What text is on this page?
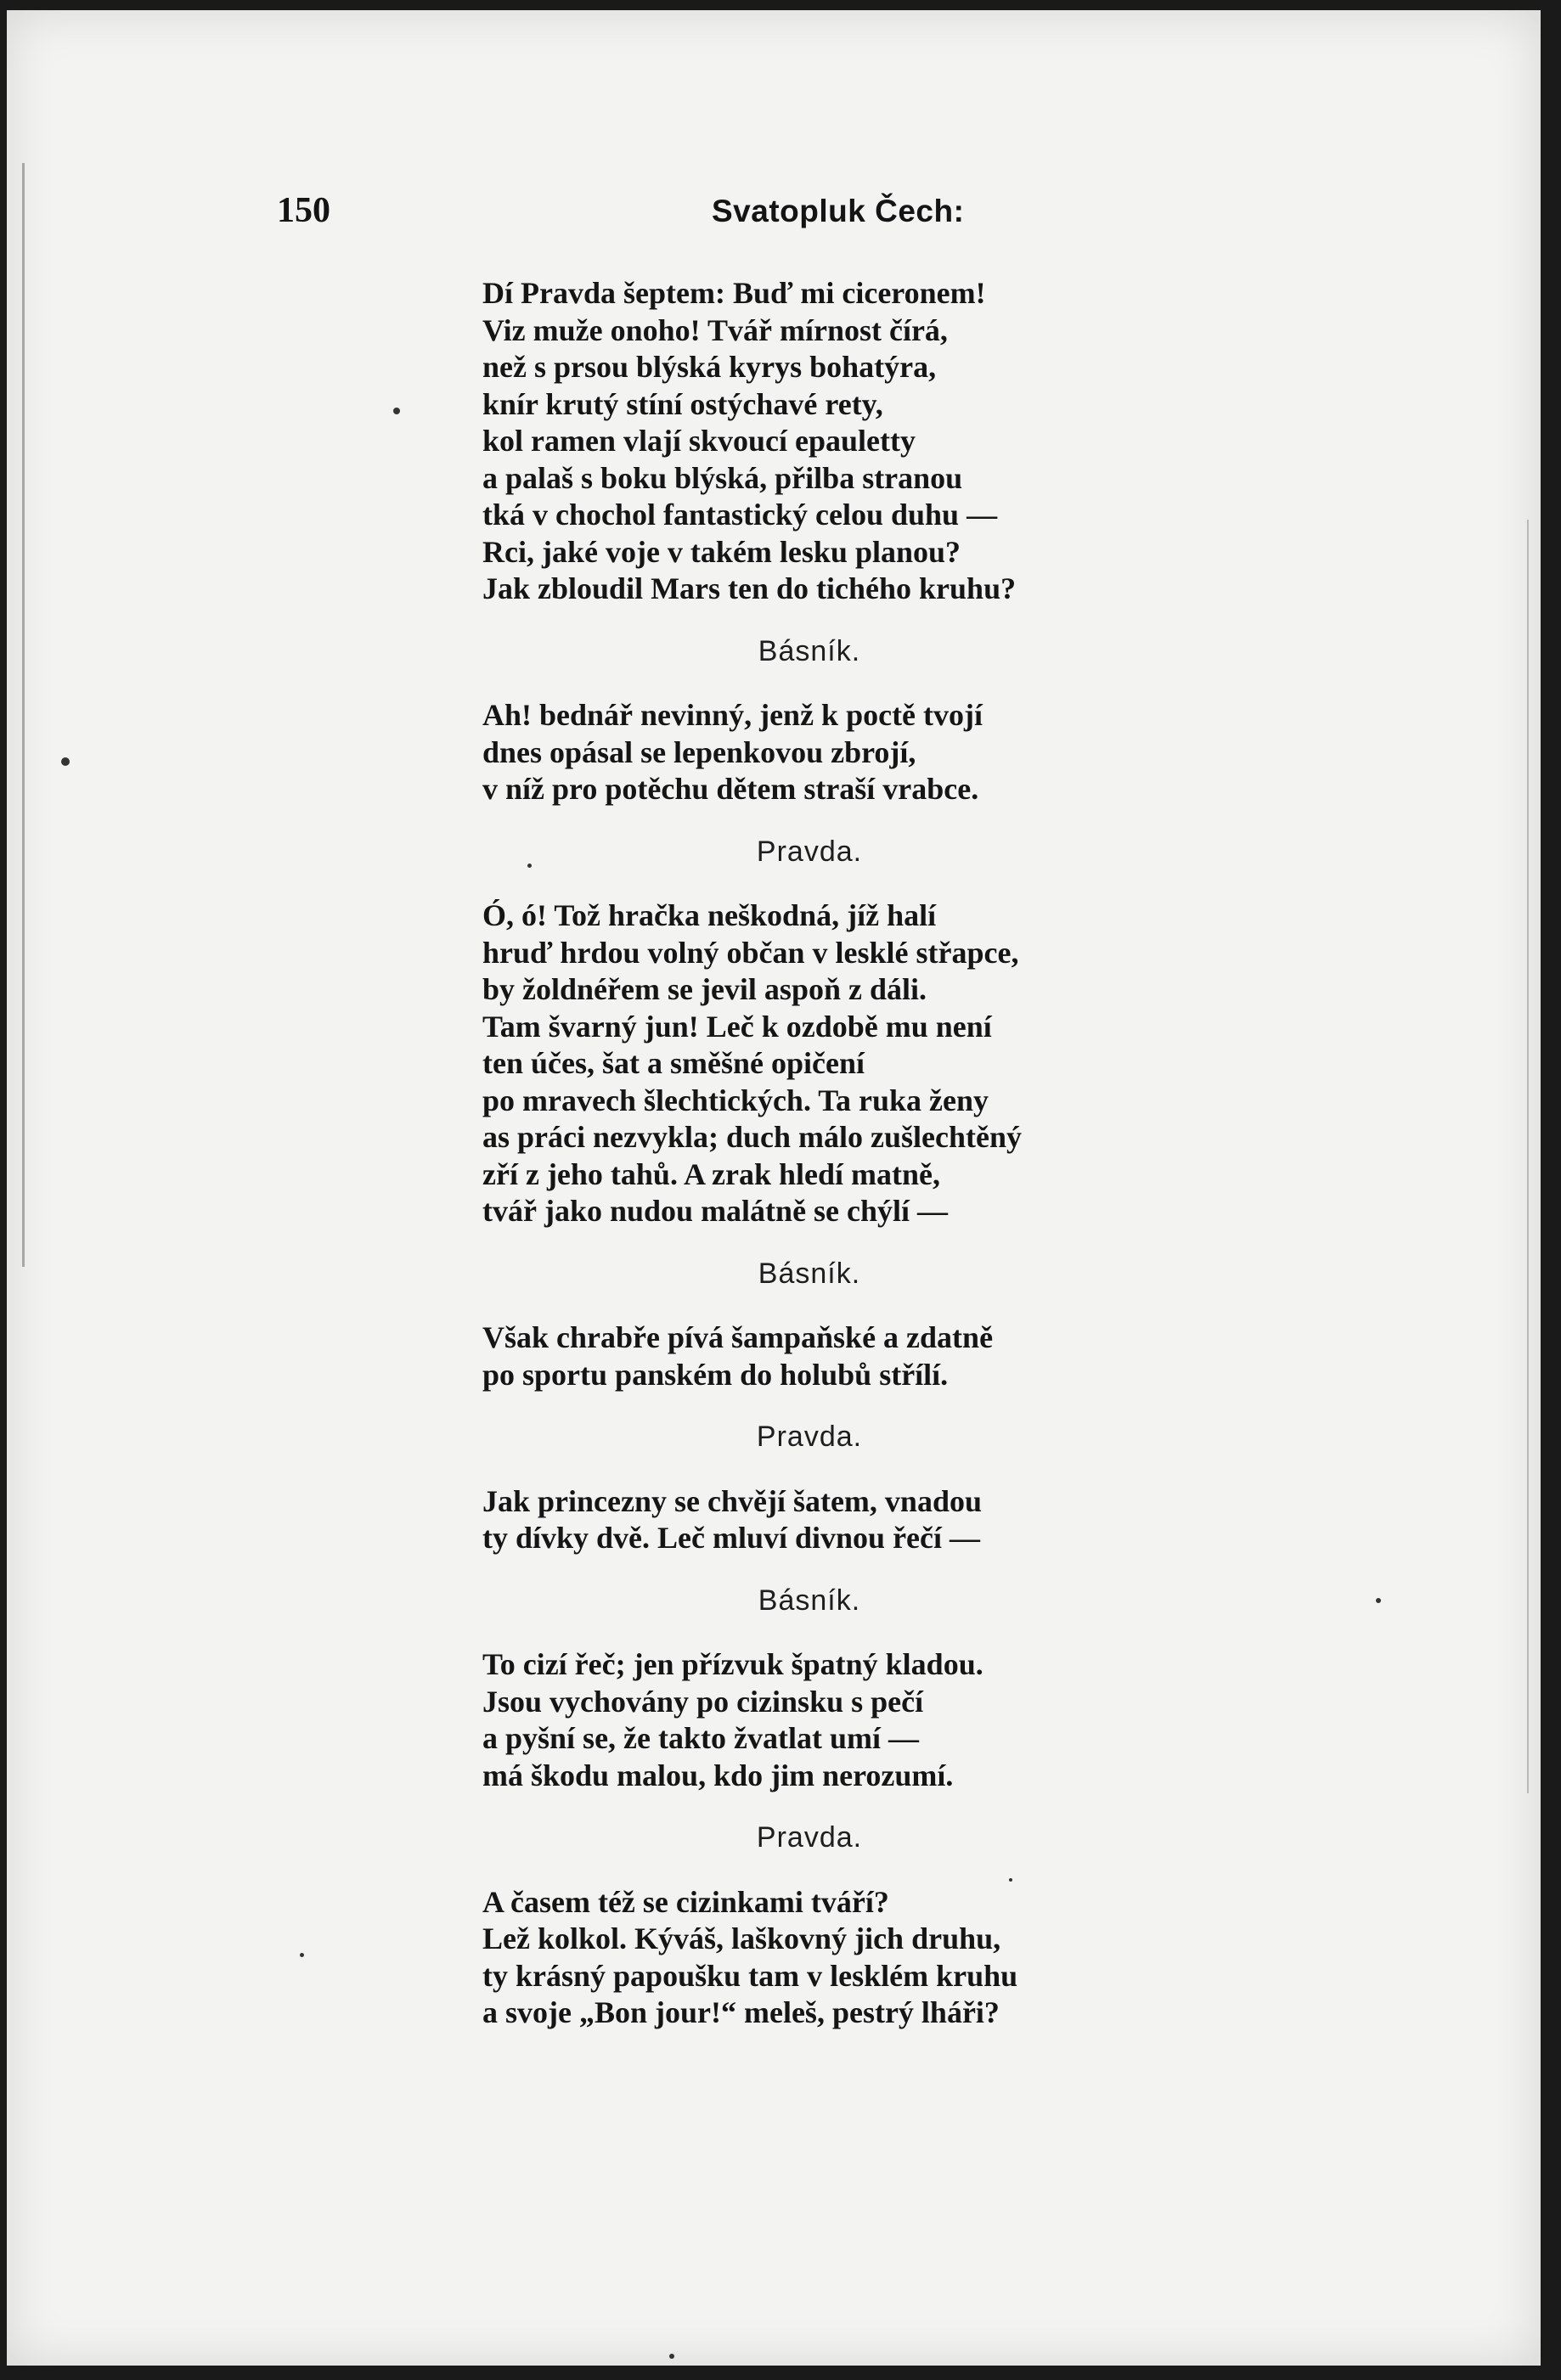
150	Svatopluk Čech:
Dí Pravda šeptem: Buď mi ciceronem!
Viz muže onoho! Tvář mírnost čírá,
než s prsou blýská kyrys bohatýra,
knír krutý stíní ostýchavé rety,
kol ramen vlají skvoucí epauletty
a palaš s boku blýská, přilba stranou
tká v chochol fantastický celou duhu —
Rci, jaké voje v takém lesku planou?
Jak zbloudil Mars ten do tichého kruhu?
Básník.
Ah! bednář nevinný, jenž k poctě tvojí
dnes opásal se lepenkovou zbrojí,
v níž pro potěchu dětem straší vrabce.
Pravda.
Ó, ó! Tož hračka neškodná, jíž halí
hruď hrdou volný občan v lesklé střapce,
by žoldnéřem se jevil aspoň z dáli.
Tam švarný jun! Leč k ozdobě mu není
ten účes, šat a směšné opičení
po mravech šlechtických. Ta ruka ženy
as práci nezvykla; duch málo zušlechtěný
zří z jeho tahů. A zrak hledí matně,
tvář jako nudou malátně se chýlí —
Básník.
Však chrabře pívá šampaňské a zdatně
po sportu panském do holubů střílí.
Pravda.
Jak princezny se chvějí šatem, vnadou
ty dívky dvě. Leč mluví divnou řečí —
Básník.
To cizí řeč; jen přízvuk špatný kladou.
Jsou vychovány po cizinsku s pečí
a pyšní se, že takto žvatlat umí —
má škodu malou, kdo jim nerozumí.
Pravda.
A časem též se cizinkami tváří?
Lež kolkol. Kýváš, laškovný jich druhu,
ty krásný papoušku tam v lesklém kruhu
a svoje „Bon jour!“ meleš, pestrý lháři?
